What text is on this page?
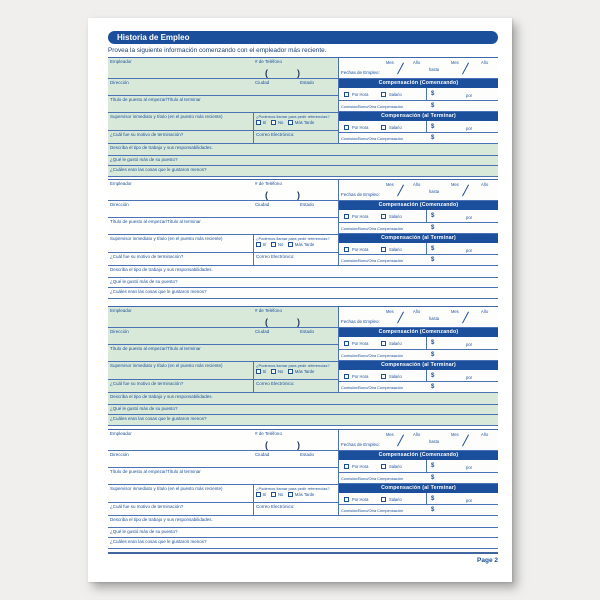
Historia de Empleo
Provea la siguiente información comenzando con el empleador más reciente.
Empleador	# de Teléfono
(	)
Dirección	Ciudad	Estado
Título de puesto al empezar/Título al terminar
Supervisor inmediato y título (en el puesto más reciente)	¿Podemos llamar para pedir referencias?
Sí	No	Más Tarde
¿Cuál fue su motivo de terminación?	Correo Electrónico:
Fechas de Empleo:
Mes	Año
hasta
Mes	Año
Compensación (Comenzando)
Por Hora	Salario	$	por
Comisión/Bono/Otra Compensación	$
Compensación (al Terminar)
Por Hora	Salario	$	por
Comisión/Bono/Otra Compensación	$
Describa el tipo de trabajo y sus responsabilidades.
¿Qué le gustó más de su puesto?
¿Cuáles eran las cosas que le gustaron menos?
Empleador	# de Teléfono
(	)
Dirección	Ciudad	Estado
Título de puesto al empezar/Título al terminar
Supervisor inmediato y título (en el puesto más reciente)	¿Podemos llamar para pedir referencias?
Sí	No	Más Tarde
¿Cuál fue su motivo de terminación?	Correo Electrónico:
Fechas de Empleo:
Mes	Año
hasta
Mes	Año
Compensación (Comenzando)
Por Hora	Salario	$	por
Comisión/Bono/Otra Compensación	$
Compensación (al Terminar)
Por Hora	Salario	$	por
Comisión/Bono/Otra Compensación	$
Describa el tipo de trabajo y sus responsabilidades.
¿Qué le gustó más de su puesto?
¿Cuáles eran las cosas que le gustaron menos?
Empleador	# de Teléfono
(	)
Dirección	Ciudad	Estado
Título de puesto al empezar/Título al terminar
Supervisor inmediato y título (en el puesto más reciente)	¿Podemos llamar para pedir referencias?
Sí	No	Más Tarde
¿Cuál fue su motivo de terminación?	Correo Electrónico:
Fechas de Empleo:
Mes	Año
hasta
Mes	Año
Compensación (Comenzando)
Por Hora	Salario	$	por
Comisión/Bono/Otra Compensación	$
Compensación (al Terminar)
Por Hora	Salario	$	por
Comisión/Bono/Otra Compensación	$
Describa el tipo de trabajo y sus responsabilidades.
¿Qué le gustó más de su puesto?
¿Cuáles eran las cosas que le gustaron menos?
Empleador	# de Teléfono
(	)
Dirección	Ciudad	Estado
Título de puesto al empezar/Título al terminar
Supervisor inmediato y título (en el puesto más reciente)	¿Podemos llamar para pedir referencias?
Sí	No	Más Tarde
¿Cuál fue su motivo de terminación?	Correo Electrónico:
Fechas de Empleo:
Mes	Año
hasta
Mes	Año
Compensación (Comenzando)
Por Hora	Salario	$	por
Comisión/Bono/Otra Compensación	$
Compensación (al Terminar)
Por Hora	Salario	$	por
Comisión/Bono/Otra Compensación	$
Describa el tipo de trabajo y sus responsabilidades.
¿Qué le gustó más de su puesto?
¿Cuáles eran las cosas que le gustaron menos?
Page 2
